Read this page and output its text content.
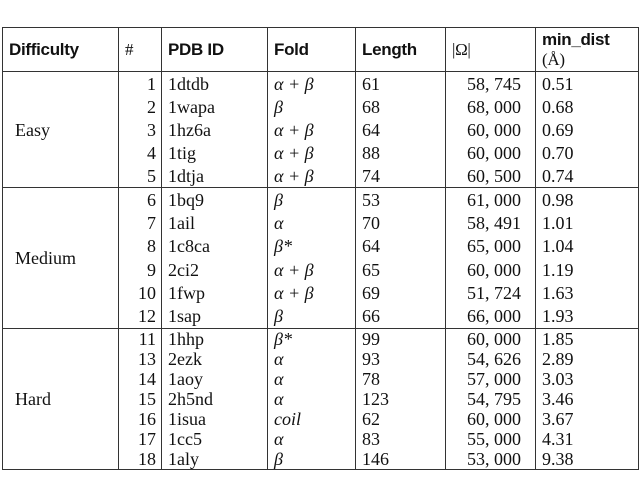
Difficulty	#	PDB ID	Fold	Length	|Ω|	min_dist
(Å)
Easy	1	1dtdb	α + β	61	58, 745	0.51
	2	1wapa	β	68	68, 000	0.68
	3	1hz6a	α + β	64	60, 000	0.69
	4	1tig	α + β	88	60, 000	0.70
	5	1dtja	α + β	74	60, 500	0.74
Medium	6	1bq9	β	53	61, 000	0.98
	7	1ail	α	70	58, 491	1.01
	8	1c8ca	β*	64	65, 000	1.04
	9	2ci2	α + β	65	60, 000	1.19
	10	1fwp	α + β	69	51, 724	1.63
	12	1sap	β	66	66, 000	1.93
Hard	11	1hhp	β*	99	60, 000	1.85
	13	2ezk	α	93	54, 626	2.89
	14	1aoy	α	78	57, 000	3.03
	15	2h5nd	α	123	54, 795	3.46
	16	1isua	coil	62	60, 000	3.67
	17	1cc5	α	83	55, 000	4.31
	18	1aly	β	146	53, 000	9.38
